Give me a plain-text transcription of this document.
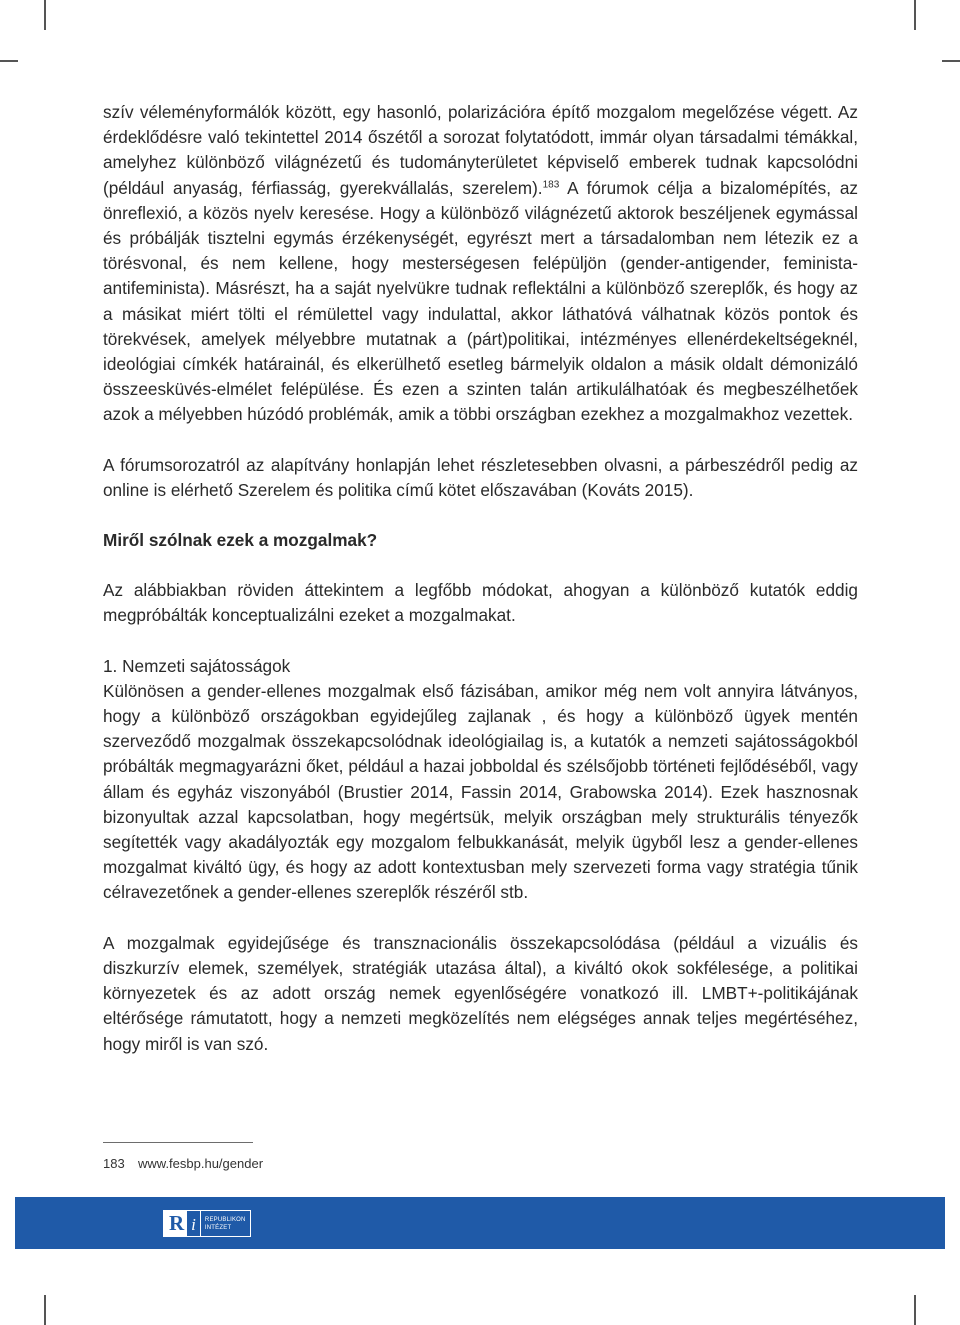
szív véleményformálók között, egy hasonló, polarizációra építő mozgalom megelőzése végett. Az érdeklődésre való tekintettel 2014 őszétől a sorozat folytatódott, immár olyan társadalmi témákkal, amelyhez különböző világnézetű és tudományterületet képviselő emberek tudnak kapcsolódni (például anyaság, férfiasság, gyerekvállalás, szerelem).$^{183}$ A fórumok célja a bizalomépítés, az önreflexió, a közös nyelv keresése. Hogy a különböző világnézetű aktorok beszéljenek egymással és próbálják tisztelni egymás érzékenységét, egyrészt mert a társadalomban nem létezik ez a törésvonal, és nem kellene, hogy mesterségesen felépüljön (gender-antigender, feminista-antifeminista). Másrészt, ha a saját nyelvükre tudnak reflektálni a különböző szereplők, és hogy az a másikat miért tölti el rémülettel vagy indulattal, akkor láthatóvá válhatnak közös pontok és törekvések, amelyek mélyebbre mutatnak a (párt)politikai, intézményes ellenérdekeltségeknél, ideológiai címkék határainál, és elkerülhető esetleg bármelyik oldalon a másik oldalt démonizáló összeesküvés-elmélet felépülése. És ezen a szinten talán artikulálhatóak és megbeszélhetőek azok a mélyebben húzódó problémák, amik a többi országban ezekhez a mozgalmakhoz vezettek.

A fórumsorozatról az alapítvány honlapján lehet részletesebben olvasni, a párbeszédről pedig az online is elérhető Szerelem és politika című kötet előszavában (Kováts 2015).

Miről szólnak ezek a mozgalmak?

Az alábbiakban röviden áttekintem a legfőbb módokat, ahogyan a különböző kutatók eddig megpróbálták konceptualizálni ezeket a mozgalmakat.

1. Nemzeti sajátosságok

Különösen a gender-ellenes mozgalmak első fázisában, amikor még nem volt annyira látványos, hogy a különböző országokban egyidejűleg zajlanak , és hogy a különböző ügyek mentén szerveződő mozgalmak összekapcsolódnak ideológiailag is, a kutatók a nemzeti sajátosságokból próbálták megmagyarázni őket, például a hazai jobboldal és szélsőjobb történeti fejlődéséből, vagy állam és egyház viszonyából (Brustier 2014, Fassin 2014, Grabowska 2014). Ezek hasznosnak bizonyultak azzal kapcsolatban, hogy megértsük, melyik országban mely strukturális tényezők segítették vagy akadályozták egy mozgalom felbukkanását, melyik ügyből lesz a gender-ellenes mozgalmat kiváltó ügy, és hogy az adott kontextusban mely szervezeti forma vagy stratégia tűnik célravezetőnek a gender-ellenes szereplők részéről stb.

A mozgalmak egyidejűsége és transznacionális összekapcsolódása (például a vizuális és diszkurzív elemek, személyek, stratégiák utazása által), a kiváltó okok sokfélesége, a politikai környezetek és az adott ország nemek egyenlőségére vonatkozó ill. LMBT+-politikájának eltérősége rámutatott, hogy a nemzeti megközelítés nem elégséges annak teljes megértéséhez, hogy miről is van szó.

183 www.fesbp.hu/gender
R i	REPUBLIKON
INTÉZET
